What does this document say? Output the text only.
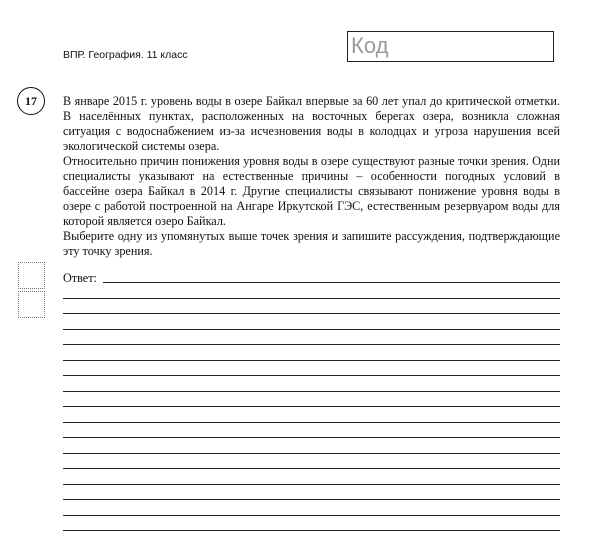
ВПР. География. 11 класс	Код
17	В январе 2015 г. уровень воды в озере Байкал впервые за 60 лет упал до критической отметки. В населённых пунктах, расположенных на восточных берегах озера, возникла сложная ситуация с водоснабжением из-за исчезновения воды в колодцах и угроза нарушения всей экологической системы озера.

Относительно причин понижения уровня воды в озере существуют разные точки зрения. Одни специалисты указывают на естественные причины – особенности погодных условий в бассейне озера Байкал в 2014 г. Другие специалисты связывают понижение уровня воды в озере с работой построенной на Ангаре Иркутской ГЭС, естественным резервуаром воды для которой является озеро Байкал.

Выберите одну из упомянутых выше точек зрения и запишите рассуждения, подтверждающие эту точку зрения.

Ответ:
